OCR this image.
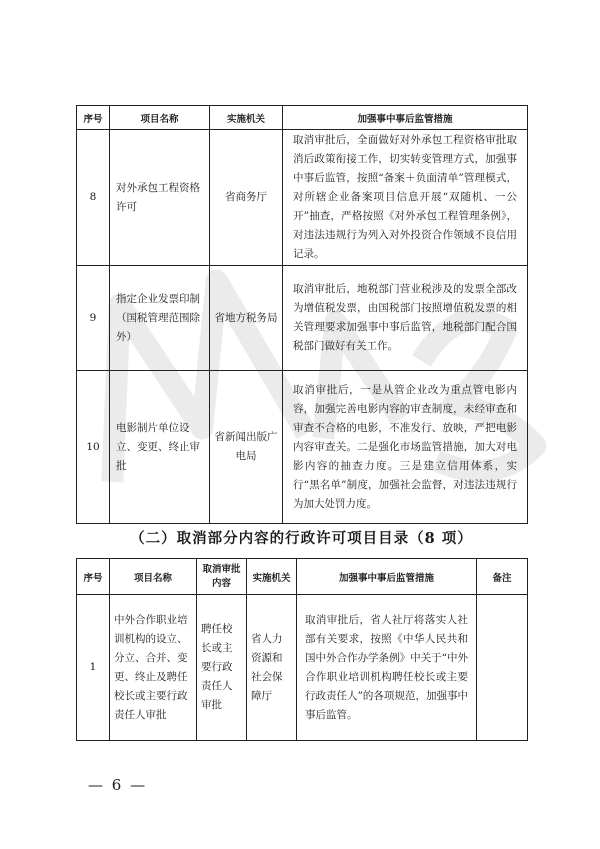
序号	项目名称	实施机关	加强事中事后监管措施
8	对外承包工程资格许可	省商务厅	取消审批后，全面做好对外承包工程资格审批取消后政策衔接工作，切实转变管理方式，加强事中事后监管，按照“备案＋负面清单”管理模式，对所辖企业备案项目信息开展“双随机、一公开”抽查，严格按照《对外承包工程管理条例》，对违法违规行为列入对外投资合作领域不良信用记录。
9	指定企业发票印制（国税管理范围除外）	省地方税务局	取消审批后，地税部门营业税涉及的发票全部改为增值税发票，由国税部门按照增值税发票的相关管理要求加强事中事后监管，地税部门配合国税部门做好有关工作。
10	电影制片单位设立、变更、终止审批	省新闻出版广电局	取消审批后，一是从管企业改为重点管电影内容，加强完善电影内容的审查制度，未经审查和审查不合格的电影，不准发行、放映，严把电影内容审查关。二是强化市场监管措施，加大对电影内容的抽查力度。三是建立信用体系，实行“黑名单”制度，加强社会监督，对违法违规行为加大处罚力度。
（二）取消部分内容的行政许可项目目录（8 项）
序号	项目名称	取消审批内容	实施机关	加强事中事后监管措施	备注
1	中外合作职业培训机构的设立、分立、合并、变更、终止及聘任校长或主要行政责任人审批	聘任校长或主要行政责任人审批	省人力资源和社会保障厅	取消审批后，省人社厅将落实人社部有关要求，按照《中华人民共和国中外合作办学条例》中关于“中外合作职业培训机构聘任校长或主要行政责任人”的各项规范，加强事中事后监管。	
— 6 —
